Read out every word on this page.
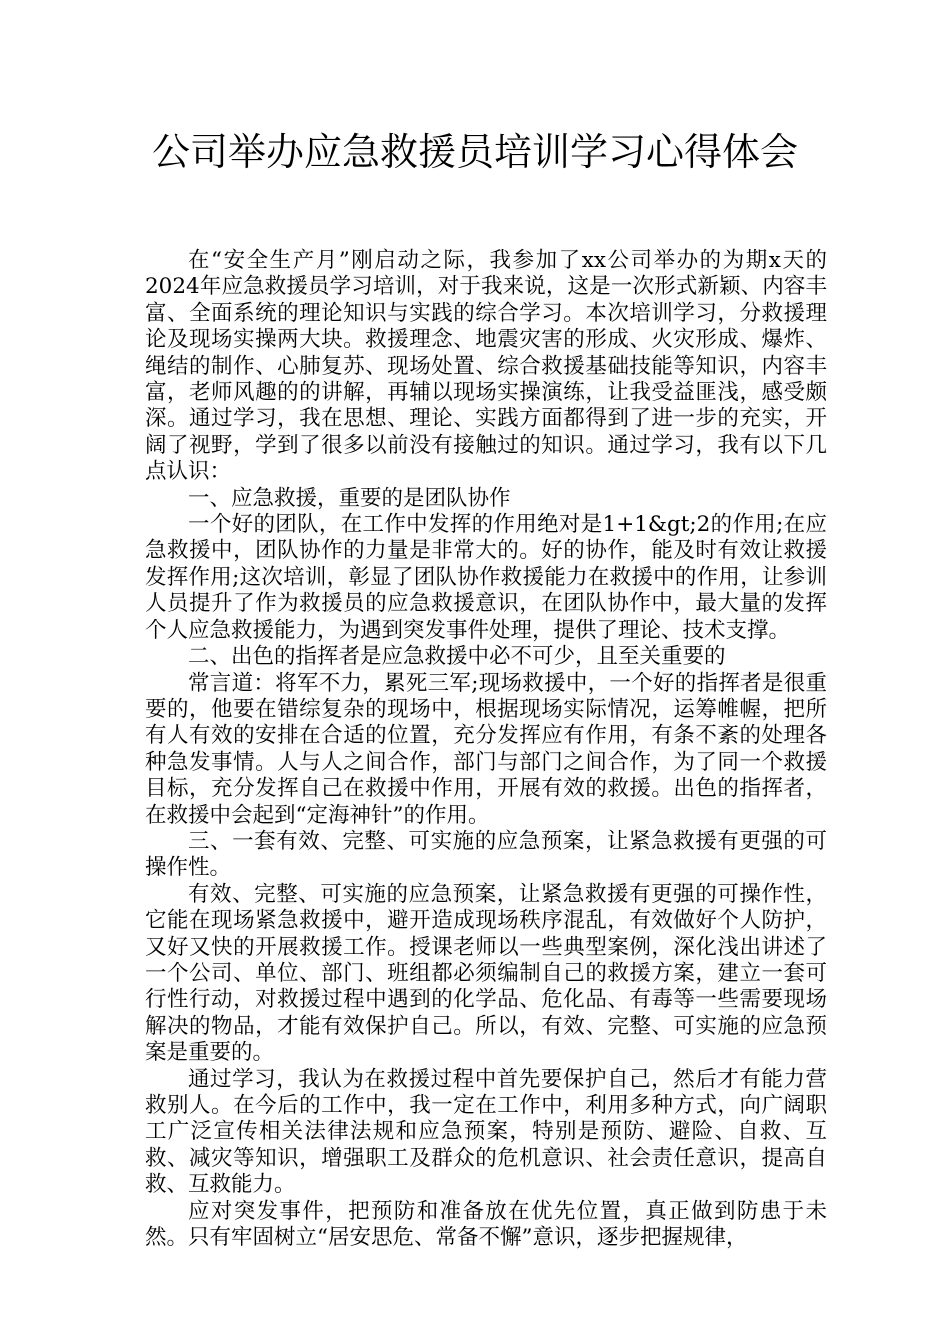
公司举办应急救援员培训学习心得体会

在“安全生产月”刚启动之际，我参加了xx公司举办的为期x天的2024年应急救援员学习培训，对于我来说，这是一次形式新颖、内容丰富、全面系统的理论知识与实践的综合学习。本次培训学习，分救援理论及现场实操两大块。救援理念、地震灾害的形成、火灾形成、爆炸、绳结的制作、心肺复苏、现场处置、综合救援基础技能等知识，内容丰富，老师风趣的的讲解，再辅以现场实操演练，让我受益匪浅，感受颇深。通过学习，我在思想、理论、实践方面都得到了进一步的充实，开阔了视野，学到了很多以前没有接触过的知识。通过学习，我有以下几点认识：

一、应急救援，重要的是团队协作

一个好的团队，在工作中发挥的作用绝对是1+1&gt;2的作用;在应急救援中，团队协作的力量是非常大的。好的协作，能及时有效让救援发挥作用;这次培训，彰显了团队协作救援能力在救援中的作用，让参训人员提升了作为救援员的应急救援意识，在团队协作中，最大量的发挥个人应急救援能力，为遇到突发事件处理，提供了理论、技术支撑。

二、出色的指挥者是应急救援中必不可少，且至关重要的

常言道：将军不力，累死三军;现场救援中，一个好的指挥者是很重要的，他要在错综复杂的现场中，根据现场实际情况，运筹帷幄，把所有人有效的安排在合适的位置，充分发挥应有作用，有条不紊的处理各种急发事情。人与人之间合作，部门与部门之间合作，为了同一个救援目标，充分发挥自己在救援中作用，开展有效的救援。出色的指挥者，在救援中会起到“定海神针”的作用。

三、一套有效、完整、可实施的应急预案，让紧急救援有更强的可操作性。

有效、完整、可实施的应急预案，让紧急救援有更强的可操作性，它能在现场紧急救援中，避开造成现场秩序混乱，有效做好个人防护，又好又快的开展救援工作。授课老师以一些典型案例，深化浅出讲述了一个公司、单位、部门、班组都必须编制自己的救援方案，建立一套可行性行动，对救援过程中遇到的化学品、危化品、有毒等一些需要现场解决的物品，才能有效保护自己。所以，有效、完整、可实施的应急预案是重要的。

通过学习，我认为在救援过程中首先要保护自己，然后才有能力营救别人。在今后的工作中，我一定在工作中，利用多种方式，向广阔职工广泛宣传相关法律法规和应急预案，特别是预防、避险、自救、互救、减灾等知识，增强职工及群众的危机意识、社会责任意识，提高自救、互救能力。

应对突发事件，把预防和准备放在优先位置，真正做到防患于未然。只有牢固树立“居安思危、常备不懈”意识，逐步把握规律，
